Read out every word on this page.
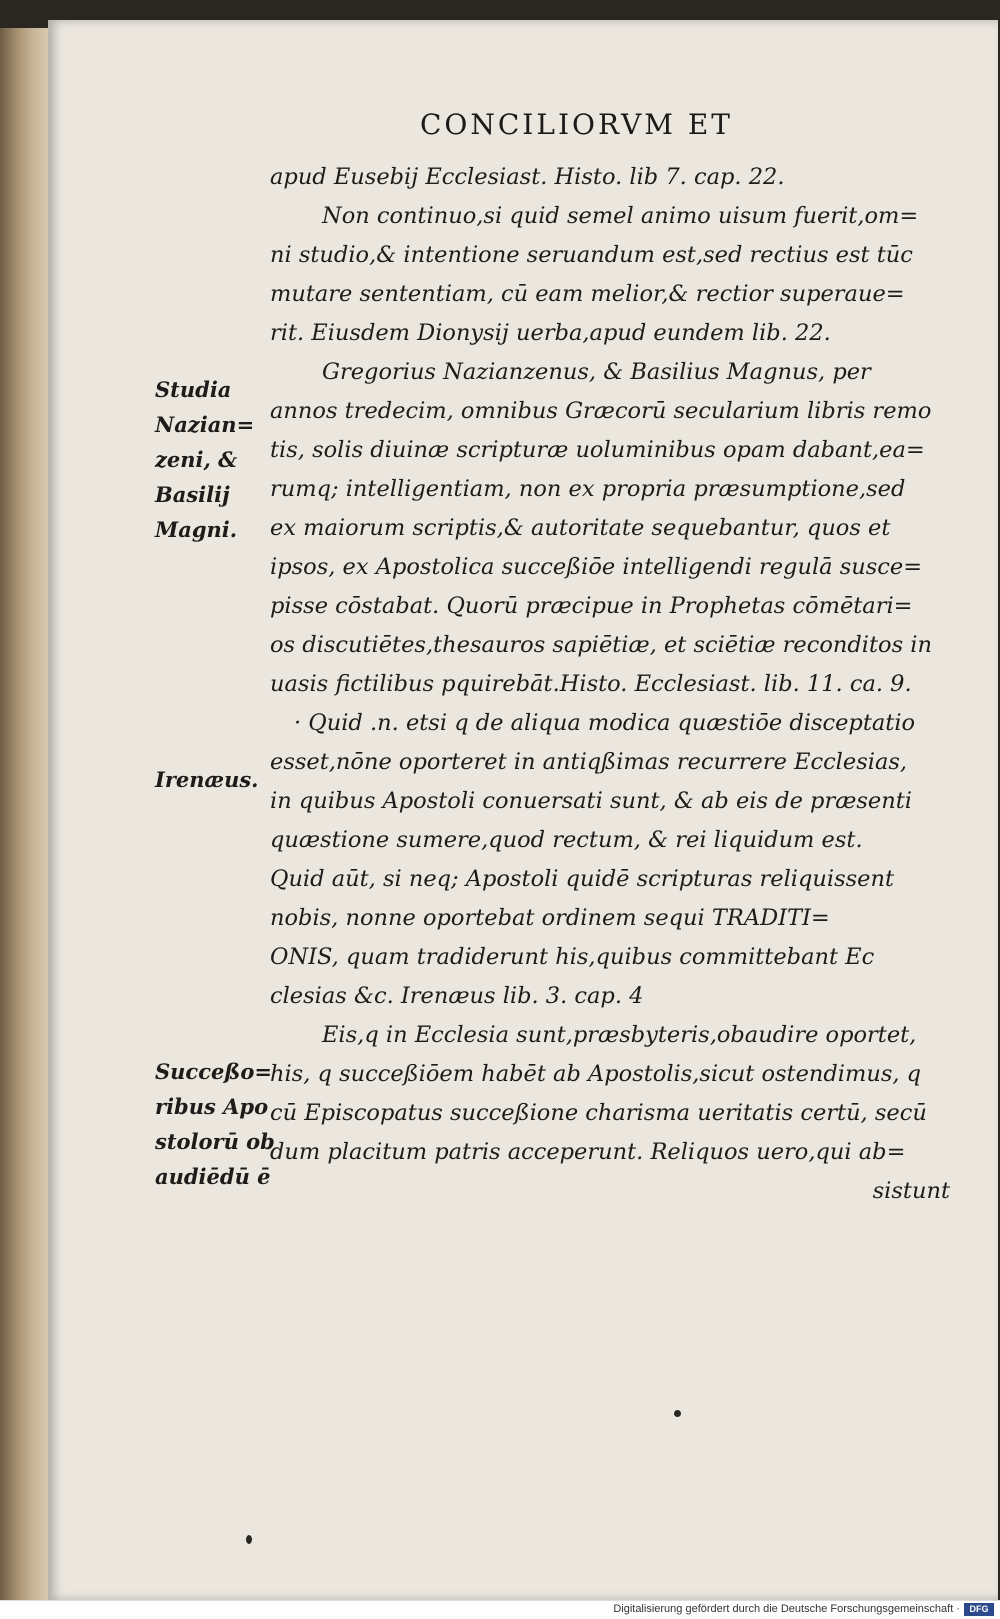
CONCILIORVM ET
apud Eusebij Ecclesiast. Histo. lib 7. cap. 22.
Non continuo,si quid semel animo uisum fuerit,om=
ni studio,& intentione seruandum est,sed rectius est tūc
mutare sententiam, cū eam melior,& rectior superaue=
rit. Eiusdem Dionysij uerba,apud eundem lib. 22.
Gregorius Nazianzenus, & Basilius Magnus, per
annos tredecim, omnibus Græcorū secularium libris remo
tis, solis diuinæ scripturæ uoluminibus opam dabant,ea=
rumq; intelligentiam, non ex propria præsumptione,sed
ex maiorum scriptis,& autoritate sequebantur, quos et
ipsos, ex Apostolica succeßiōe intelligendi regulā susce=
pisse cōstabat. Quorū præcipue in Prophetas cōmētari=
os discutiētes,thesauros sapiētiæ, et sciētiæ reconditos in
uasis fictilibus pquirebāt.Histo. Ecclesiast. lib. 11. ca. 9.
· Quid .n. etsi q de aliqua modica quæstiōe disceptatio
esset,nōne oporteret in antiqßimas recurrere Ecclesias,
in quibus Apostoli conuersati sunt, & ab eis de præsenti
quæstione sumere,quod rectum, & rei liquidum est.
Quid aūt, si neq; Apostoli quidē scripturas reliquissent
nobis, nonne oportebat ordinem sequi TRADITI=
ONIS, quam tradiderunt his,quibus committebant Ec
clesias &c. Irenæus lib. 3. cap. 4
Eis,q in Ecclesia sunt,præsbyteris,obaudire oportet,
his, q succeßiōem habēt ab Apostolis,sicut ostendimus, q
cū Episcopatus succeßione charisma ueritatis certū, secū
dum placitum patris acceperunt. Reliquos uero,qui ab=
sistunt
Studia
Nazian=
zeni, &
Basilij
Magni.
Irenæus.
Succeßo=
ribus Apo
stolorū ob
audiēdū ē
Digitalisierung gefördert durch die Deutsche Forschungsgemeinschaft ·	DFG
